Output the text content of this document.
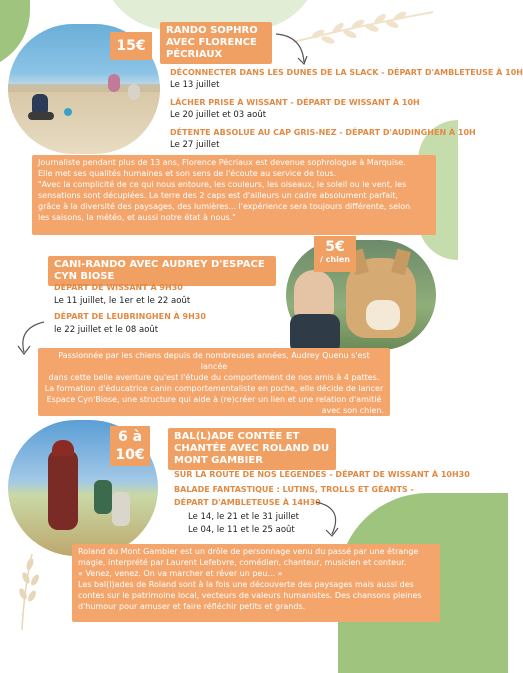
15€
RANDO SOPHRO AVEC FLORENCE PÉCRIAUX
DÉCONNECTER DANS LES DUNES DE LA SLACK - DÉPART D'AMBLETEUSE À 10H
Le 13 juillet
LÂCHER PRISE À WISSANT - DÉPART DE WISSANT À 10H
Le 20 juillet et 03 août
DÉTENTE ABSOLUE AU CAP GRIS-NEZ - DÉPART D'AUDINGHEN À 10H
Le 27 juillet
Journaliste pendant plus de 13 ans, Florence Pécriaux est devenue sophrologue à Marquise.
Elle met ses qualités humaines et son sens de l'écoute au service de tous.
"Avec la complicité de ce qui nous entoure, les couleurs, les oiseaux, le soleil ou le vent, les
sensations sont décuplées. La terre des 2 caps est d'ailleurs un cadre absolument parfait,
grâce à la diversité des paysages, des lumières... l'expérience sera toujours différente, selon
les saisons, la météo, et aussi notre état à nous."
5€
/ chien
CANI-RANDO AVEC AUDREY D'ESPACE CYN BIOSE
DÉPART DE WISSANT À 9H30
Le 11 juillet, le 1er et le 22 août
DÉPART DE LEUBRINGHEN À 9H30
le 22 juillet et le 08 août
Passionnée par les chiens depuis de nombreuses années, Audrey Quenu s'est lancée
dans cette belle aventure qu'est l'étude du comportement de nos amis à 4 pattes.
La formation d'éducatrice canin comportementaliste en poche, elle décide de lancer
Espace Cyn'Biose, une structure qui aide à (re)créer un lien et une relation d'amitié
avec son chien.
6 à
10€
BAL(L)ADE CONTÉE ET CHANTÉE AVEC ROLAND DU MONT GAMBIER
SUR LA ROUTE DE NOS LÉGENDES - DÉPART DE WISSANT À 10H30
BALADE FANTASTIQUE : LUTINS, TROLLS ET GÉANTS - DÉPART D'AMBLETEUSE À 14H30
Le 14, le 21 et le 31 juillet
Le 04, le 11 et le 25 août
Roland du Mont Gambier est un drôle de personnage venu du passé par une étrange
magie, interprété par Laurent Lefebvre, comédien, chanteur, musicien et conteur.
« Venez, venez. On va marcher et rêver un peu... »
Les bal(l)ades de Roland sont à la fois une découverte des paysages mais aussi des
contes sur le patrimoine local, vecteurs de valeurs humanistes. Des chansons pleines
d'humour pour amuser et faire réfléchir petits et grands.
